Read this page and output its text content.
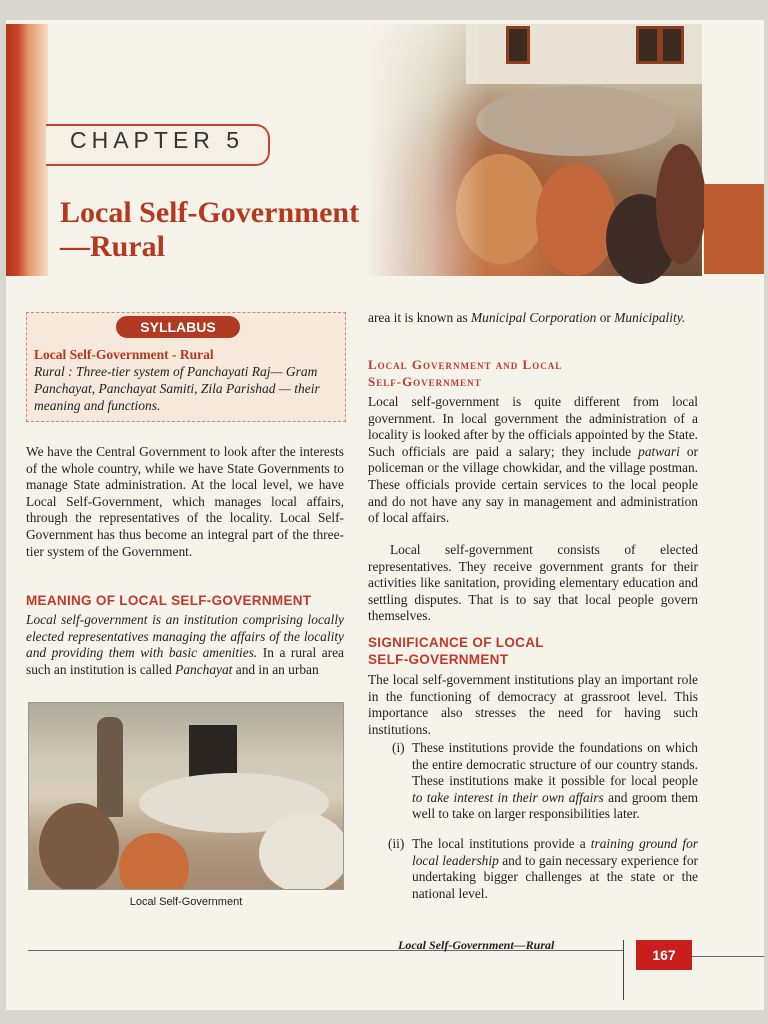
CHAPTER 5
Local Self-Government
—Rural
SYLLABUS
Local Self-Government - Rural
Rural : Three-tier system of Panchayati Raj— Gram Panchayat, Panchayat Samiti, Zila Parishad — their meaning and functions.
We have the Central Government to look after the interests of the whole country, while we have State Governments to manage State administration. At the local level, we have Local Self-Government, which manages local affairs, through the representatives of the locality. Local Self-Government has thus become an integral part of the three-tier system of the Government.
MEANING OF LOCAL SELF-GOVERNMENT
Local self-government is an institution comprising locally elected representatives managing the affairs of the locality and providing them with basic amenities. In a rural area such an institution is called Panchayat and in an urban
Local Self-Government
area it is known as Municipal Corporation or Municipality.
Local Government and Local
Self-Government
Local self-government is quite different from local government. In local government the administration of a locality is looked after by the officials appointed by the State. Such officials are paid a salary; they include patwari or policeman or the village chowkidar, and the village postman. These officials provide certain services to the local people and do not have any say in management and administration of local affairs.
Local self-government consists of elected representatives. They receive government grants for their activities like sanitation, providing elementary education and settling disputes. That is to say that local people govern themselves.
SIGNIFICANCE OF LOCAL
SELF-GOVERNMENT
The local self-government institutions play an important role in the functioning of democracy at grassroot level. This importance also stresses the need for having such institutions.
(i) These institutions provide the foundations on which the entire democratic structure of our country stands. These institutions make it possible for local people to take interest in their own affairs and groom them well to take on larger responsibilities later.
(ii) The local institutions provide a training ground for local leadership and to gain necessary experience for undertaking bigger challenges at the state or the national level.
Local Self-Government—Rural
167
